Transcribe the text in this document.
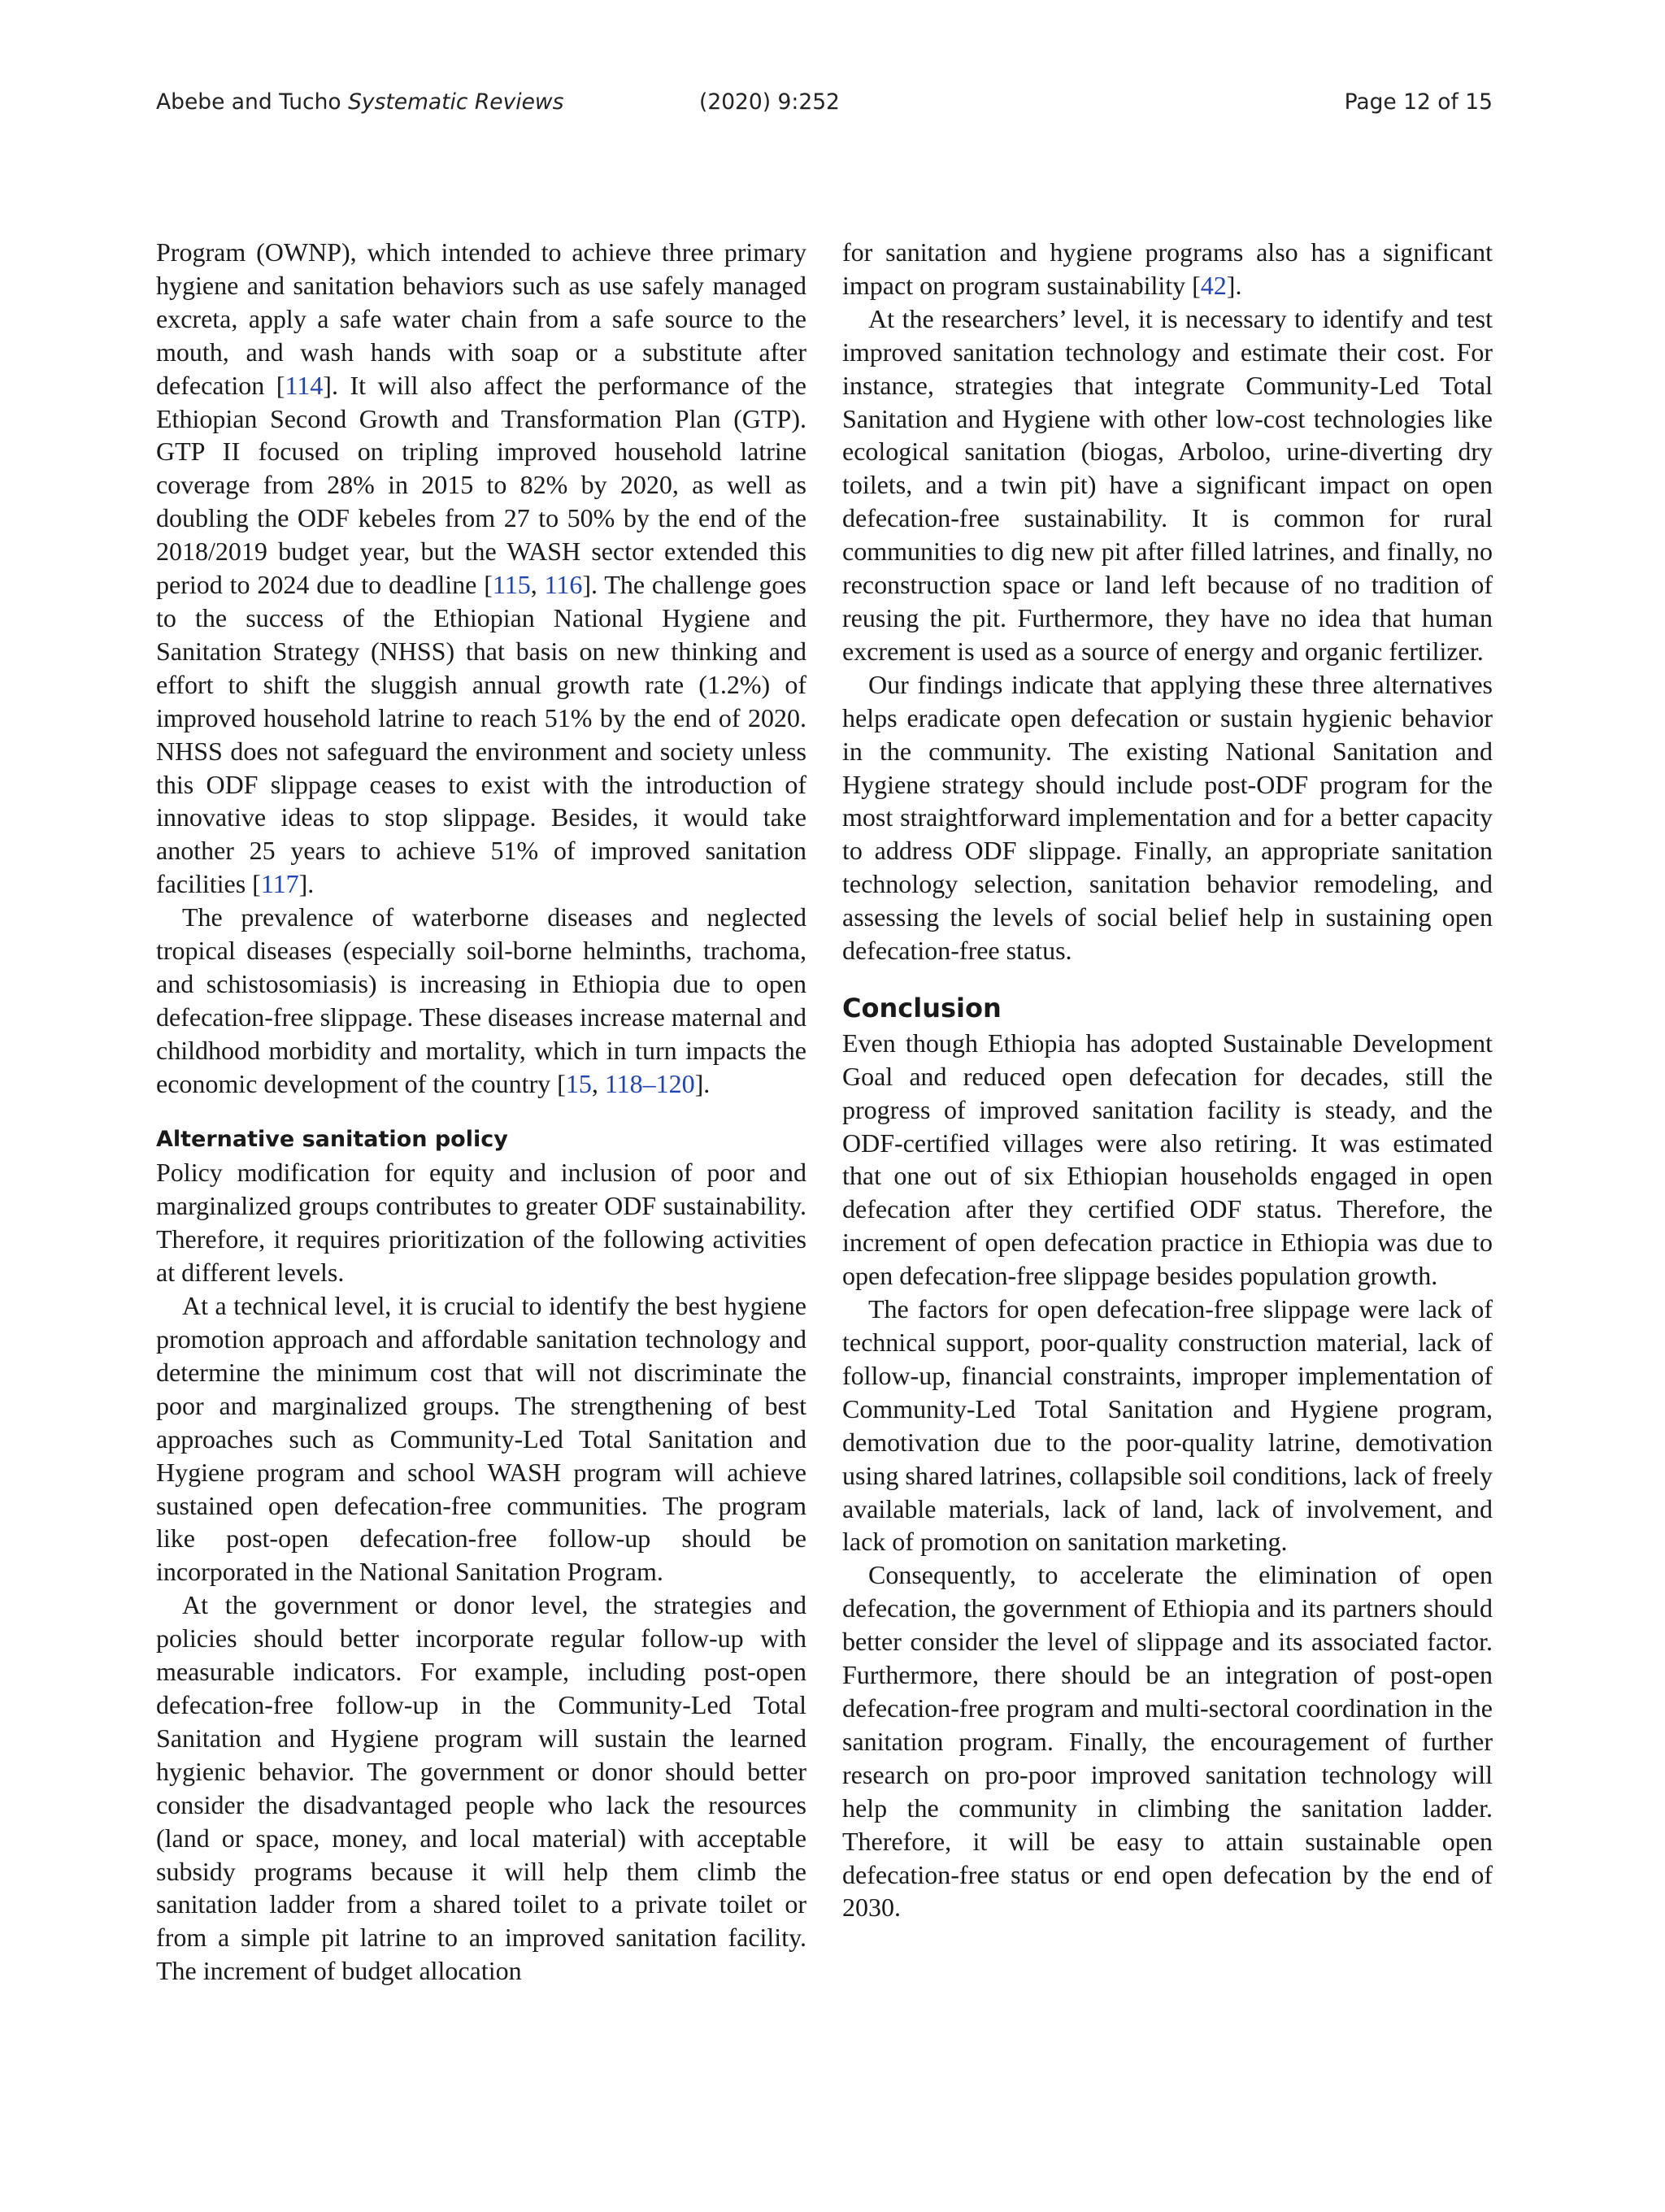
Abebe and Tucho Systematic Reviews	(2020) 9:252	Page 12 of 15

Program (OWNP), which intended to achieve three primary hygiene and sanitation behaviors such as use safely managed excreta, apply a safe water chain from a safe source to the mouth, and wash hands with soap or a substitute after defecation [114]. It will also affect the performance of the Ethiopian Second Growth and Transformation Plan (GTP). GTP II focused on tripling improved household latrine coverage from 28% in 2015 to 82% by 2020, as well as doubling the ODF kebeles from 27 to 50% by the end of the 2018/2019 budget year, but the WASH sector extended this period to 2024 due to deadline [115, 116]. The challenge goes to the success of the Ethiopian National Hygiene and Sanitation Strategy (NHSS) that basis on new thinking and effort to shift the sluggish annual growth rate (1.2%) of improved household latrine to reach 51% by the end of 2020. NHSS does not safeguard the environment and society unless this ODF slippage ceases to exist with the introduction of innovative ideas to stop slippage. Besides, it would take another 25 years to achieve 51% of improved sanitation facilities [117].

The prevalence of waterborne diseases and neglected tropical diseases (especially soil-borne helminths, trachoma, and schistosomiasis) is increasing in Ethiopia due to open defecation-free slippage. These diseases increase maternal and childhood morbidity and mortality, which in turn impacts the economic development of the country [15, 118–120].

Alternative sanitation policy

Policy modification for equity and inclusion of poor and marginalized groups contributes to greater ODF sustainability. Therefore, it requires prioritization of the following activities at different levels.

At a technical level, it is crucial to identify the best hygiene promotion approach and affordable sanitation technology and determine the minimum cost that will not discriminate the poor and marginalized groups. The strengthening of best approaches such as Community-Led Total Sanitation and Hygiene program and school WASH program will achieve sustained open defecation-free communities. The program like post-open defecation-free follow-up should be incorporated in the National Sanitation Program.

At the government or donor level, the strategies and policies should better incorporate regular follow-up with measurable indicators. For example, including post-open defecation-free follow-up in the Community-Led Total Sanitation and Hygiene program will sustain the learned hygienic behavior. The government or donor should better consider the disadvantaged people who lack the resources (land or space, money, and local material) with acceptable subsidy programs because it will help them climb the sanitation ladder from a shared toilet to a private toilet or from a simple pit latrine to an improved sanitation facility. The increment of budget allocation

for sanitation and hygiene programs also has a significant impact on program sustainability [42].

At the researchers’ level, it is necessary to identify and test improved sanitation technology and estimate their cost. For instance, strategies that integrate Community-Led Total Sanitation and Hygiene with other low-cost technologies like ecological sanitation (biogas, Arboloo, urine-diverting dry toilets, and a twin pit) have a significant impact on open defecation-free sustainability. It is common for rural communities to dig new pit after filled latrines, and finally, no reconstruction space or land left because of no tradition of reusing the pit. Furthermore, they have no idea that human excrement is used as a source of energy and organic fertilizer.

Our findings indicate that applying these three alternatives helps eradicate open defecation or sustain hygienic behavior in the community. The existing National Sanitation and Hygiene strategy should include post-ODF program for the most straightforward implementation and for a better capacity to address ODF slippage. Finally, an appropriate sanitation technology selection, sanitation behavior remodeling, and assessing the levels of social belief help in sustaining open defecation-free status.

Conclusion

Even though Ethiopia has adopted Sustainable Development Goal and reduced open defecation for decades, still the progress of improved sanitation facility is steady, and the ODF-certified villages were also retiring. It was estimated that one out of six Ethiopian households engaged in open defecation after they certified ODF status. Therefore, the increment of open defecation practice in Ethiopia was due to open defecation-free slippage besides population growth.

The factors for open defecation-free slippage were lack of technical support, poor-quality construction material, lack of follow-up, financial constraints, improper implementation of Community-Led Total Sanitation and Hygiene program, demotivation due to the poor-quality latrine, demotivation using shared latrines, collapsible soil conditions, lack of freely available materials, lack of land, lack of involvement, and lack of promotion on sanitation marketing.

Consequently, to accelerate the elimination of open defecation, the government of Ethiopia and its partners should better consider the level of slippage and its associated factor. Furthermore, there should be an integration of post-open defecation-free program and multi-sectoral coordination in the sanitation program. Finally, the encouragement of further research on pro-poor improved sanitation technology will help the community in climbing the sanitation ladder. Therefore, it will be easy to attain sustainable open defecation-free status or end open defecation by the end of 2030.
